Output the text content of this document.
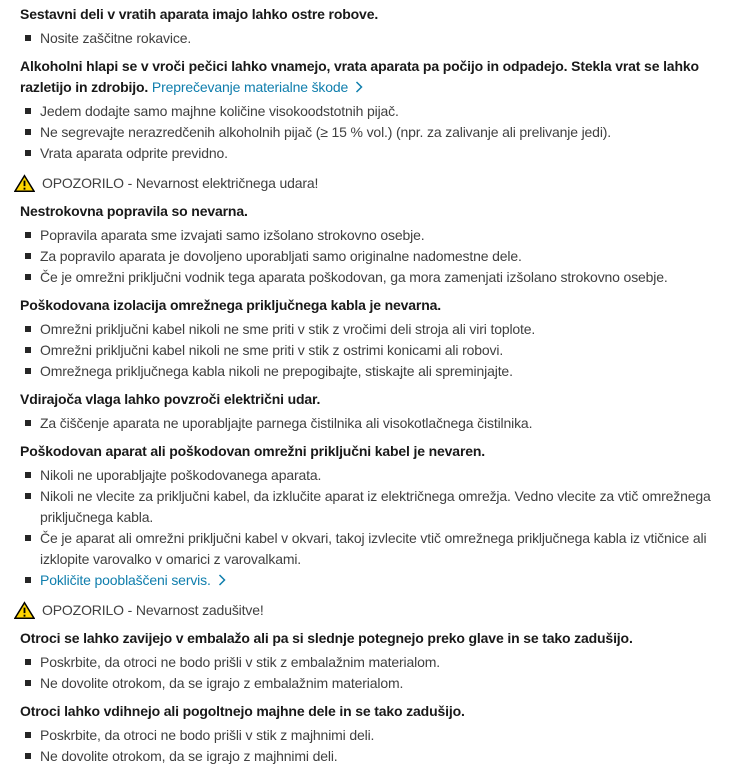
Sestavni deli v vratih aparata imajo lahko ostre robove.

Nosite zaščitne rokavice.

Alkoholni hlapi se v vroči pečici lahko vnamejo, vrata aparata pa počijo in odpadejo. Stekla vrat se lahko razletijo in zdrobijo. Preprečevanje materialne škode

Jedem dodajte samo majhne količine visokoodstotnih pijač.
Ne segrevajte nerazredčenih alkoholnih pijač (≥ 15 % vol.) (npr. za zalivanje ali prelivanje jedi).
Vrata aparata odprite previdno.
OPOZORILO - Nevarnost električnega udara!

Nestrokovna popravila so nevarna.

Popravila aparata sme izvajati samo izšolano strokovno osebje.
Za popravilo aparata je dovoljeno uporabljati samo originalne nadomestne dele.
Če je omrežni priključni vodnik tega aparata poškodovan, ga mora zamenjati izšolano strokovno osebje.

Poškodovana izolacija omrežnega priključnega kabla je nevarna.

Omrežni priključni kabel nikoli ne sme priti v stik z vročimi deli stroja ali viri toplote.
Omrežni priključni kabel nikoli ne sme priti v stik z ostrimi konicami ali robovi.
Omrežnega priključnega kabla nikoli ne prepogibajte, stiskajte ali spreminjajte.

Vdirajoča vlaga lahko povzroči električni udar.

Za čiščenje aparata ne uporabljajte parnega čistilnika ali visokotlačnega čistilnika.

Poškodovan aparat ali poškodovan omrežni priključni kabel je nevaren.

Nikoli ne uporabljajte poškodovanega aparata.
Nikoli ne vlecite za priključni kabel, da izklučite aparat iz električnega omrežja. Vedno vlecite za vtič omrežnega priključnega kabla.
Če je aparat ali omrežni priključni kabel v okvari, takoj izvlecite vtič omrežnega priključnega kabla iz vtičnice ali izklopite varovalko v omarici z varovalkami.
Pokličite pooblaščeni servis.
OPOZORILO - Nevarnost zadušitve!

Otroci se lahko zavijejo v embalažo ali pa si slednje potegnejo preko glave in se tako zadušijo.

Poskrbite, da otroci ne bodo prišli v stik z embalažnim materialom.
Ne dovolite otrokom, da se igrajo z embalažnim materialom.

Otroci lahko vdihnejo ali pogoltnejo majhne dele in se tako zadušijo.

Poskrbite, da otroci ne bodo prišli v stik z majhnimi deli.
Ne dovolite otrokom, da se igrajo z majhnimi deli.
